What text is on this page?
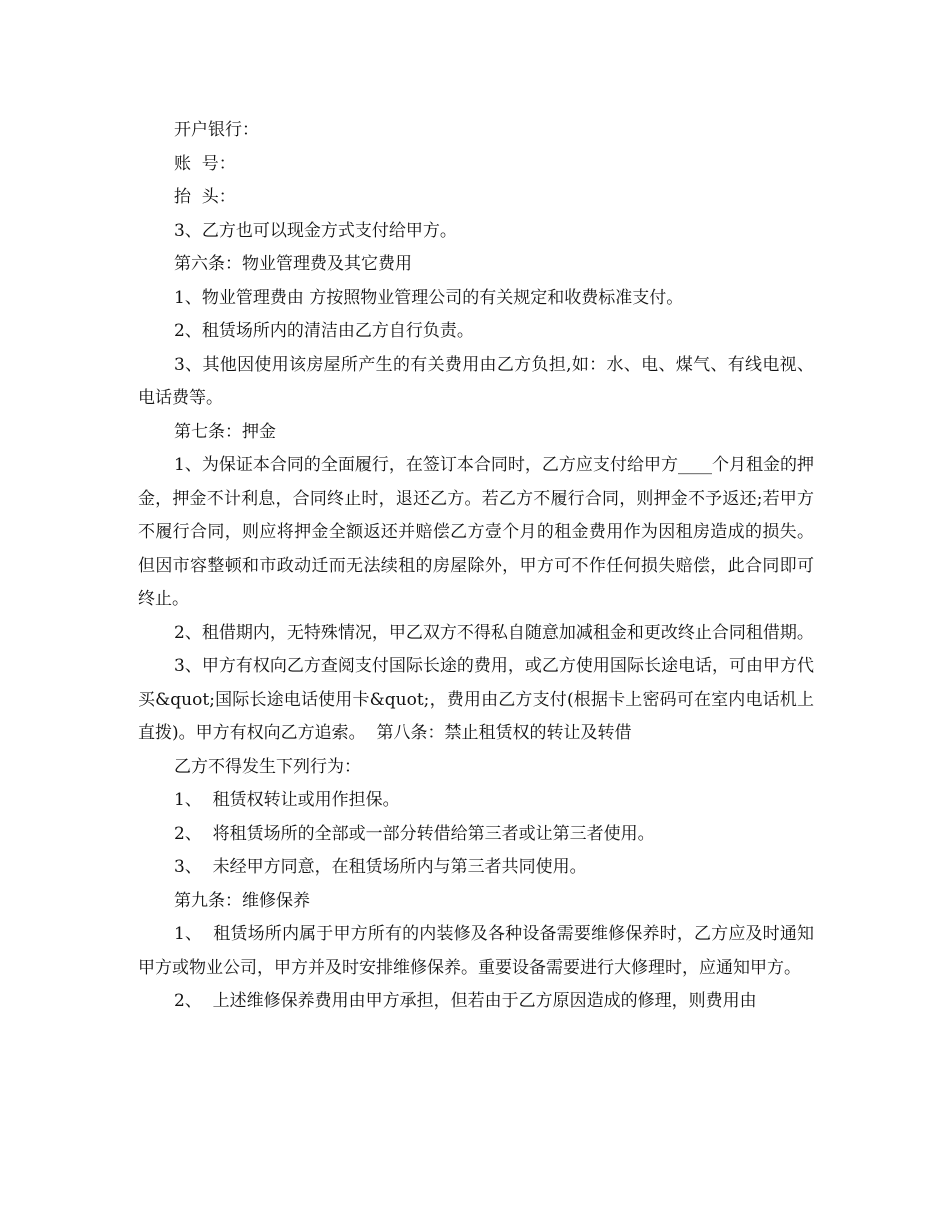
开户银行：

账  号：

抬  头：

3、乙方也可以现金方式支付给甲方。

第六条：物业管理费及其它费用

1、物业管理费由 方按照物业管理公司的有关规定和收费标准支付。

2、租赁场所内的清洁由乙方自行负责。

3、其他因使用该房屋所产生的有关费用由乙方负担,如：水、电、煤气、有线电视、电话费等。

第七条：押金

1、为保证本合同的全面履行，在签订本合同时，乙方应支付给甲方____个月租金的押金，押金不计利息，合同终止时，退还乙方。若乙方不履行合同，则押金不予返还;若甲方不履行合同，则应将押金全额返还并赔偿乙方壹个月的租金费用作为因租房造成的损失。但因市容整顿和市政动迁而无法续租的房屋除外，甲方可不作任何损失赔偿，此合同即可终止。

2、租借期内，无特殊情况，甲乙双方不得私自随意加减租金和更改终止合同租借期。

3、甲方有权向乙方查阅支付国际长途的费用，或乙方使用国际长途电话，可由甲方代买&quot;国际长途电话使用卡&quot;，费用由乙方支付(根据卡上密码可在室内电话机上直拨)。甲方有权向乙方追索。  第八条：禁止租赁权的转让及转借

乙方不得发生下列行为：

1、  租赁权转让或用作担保。

2、  将租赁场所的全部或一部分转借给第三者或让第三者使用。

3、  未经甲方同意，在租赁场所内与第三者共同使用。

第九条：维修保养

1、  租赁场所内属于甲方所有的内装修及各种设备需要维修保养时，乙方应及时通知甲方或物业公司，甲方并及时安排维修保养。重要设备需要进行大修理时，应通知甲方。

2、  上述维修保养费用由甲方承担，但若由于乙方原因造成的修理，则费用由
